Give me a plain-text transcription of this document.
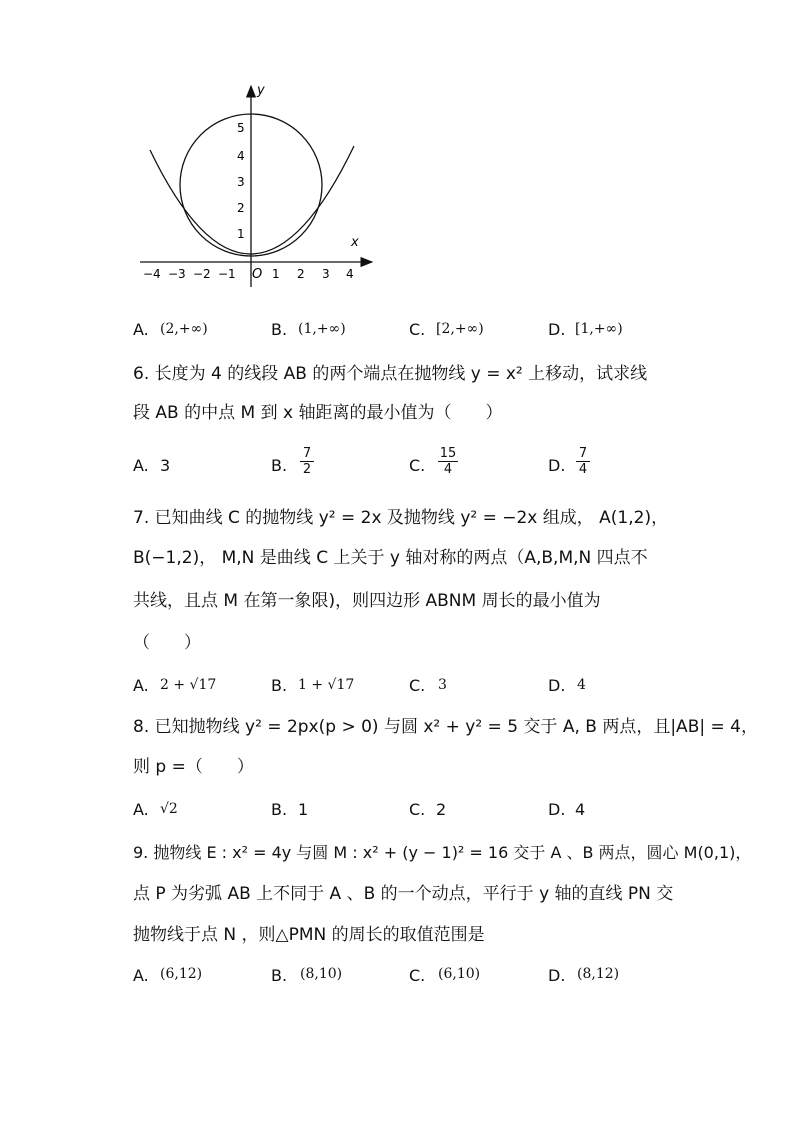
y
x
O
1
2
3
4
5
−4 −3 −2 −1	1 2 3 4
A. (2,+∞)	B. (1,+∞)	C. [2,+∞)	D. [1,+∞)
6. 长度为 4 的线段 AB 的两个端点在抛物线 y = x² 上移动，试求线
段 AB 的中点 M 到 x 轴距离的最小值为（　　）
A. 3	B. $\frac{7}{2}$	C. $\frac{15}{4}$	D. $\frac{7}{4}$
7. 已知曲线 C 的抛物线 y² = 2x 及抛物线 y² = −2x 组成， A(1,2)，
B(−1,2)， M,N 是曲线 C 上关于 y 轴对称的两点（A,B,M,N 四点不
共线，且点 M 在第一象限)，则四边形 ABNM 周长的最小值为
（　　）
A. 2 + √17	B. 1 + √17	C. 3	D. 4
8. 已知抛物线 y² = 2px(p > 0) 与圆 x² + y² = 5 交于 A, B 两点，且|AB| = 4，
则 p =（　　）
A. √2	B. 1	C. 2	D. 4
9. 抛物线 E : x² = 4y 与圆 M : x² + (y − 1)² = 16 交于 A 、B 两点，圆心 M(0,1)，
点 P 为劣弧 AB 上不同于 A 、B 的一个动点，平行于 y 轴的直线 PN 交
抛物线于点 N ，则△PMN 的周长的取值范围是
A. (6,12)	B. (8,10)	C. (6,10)	D. (8,12)
